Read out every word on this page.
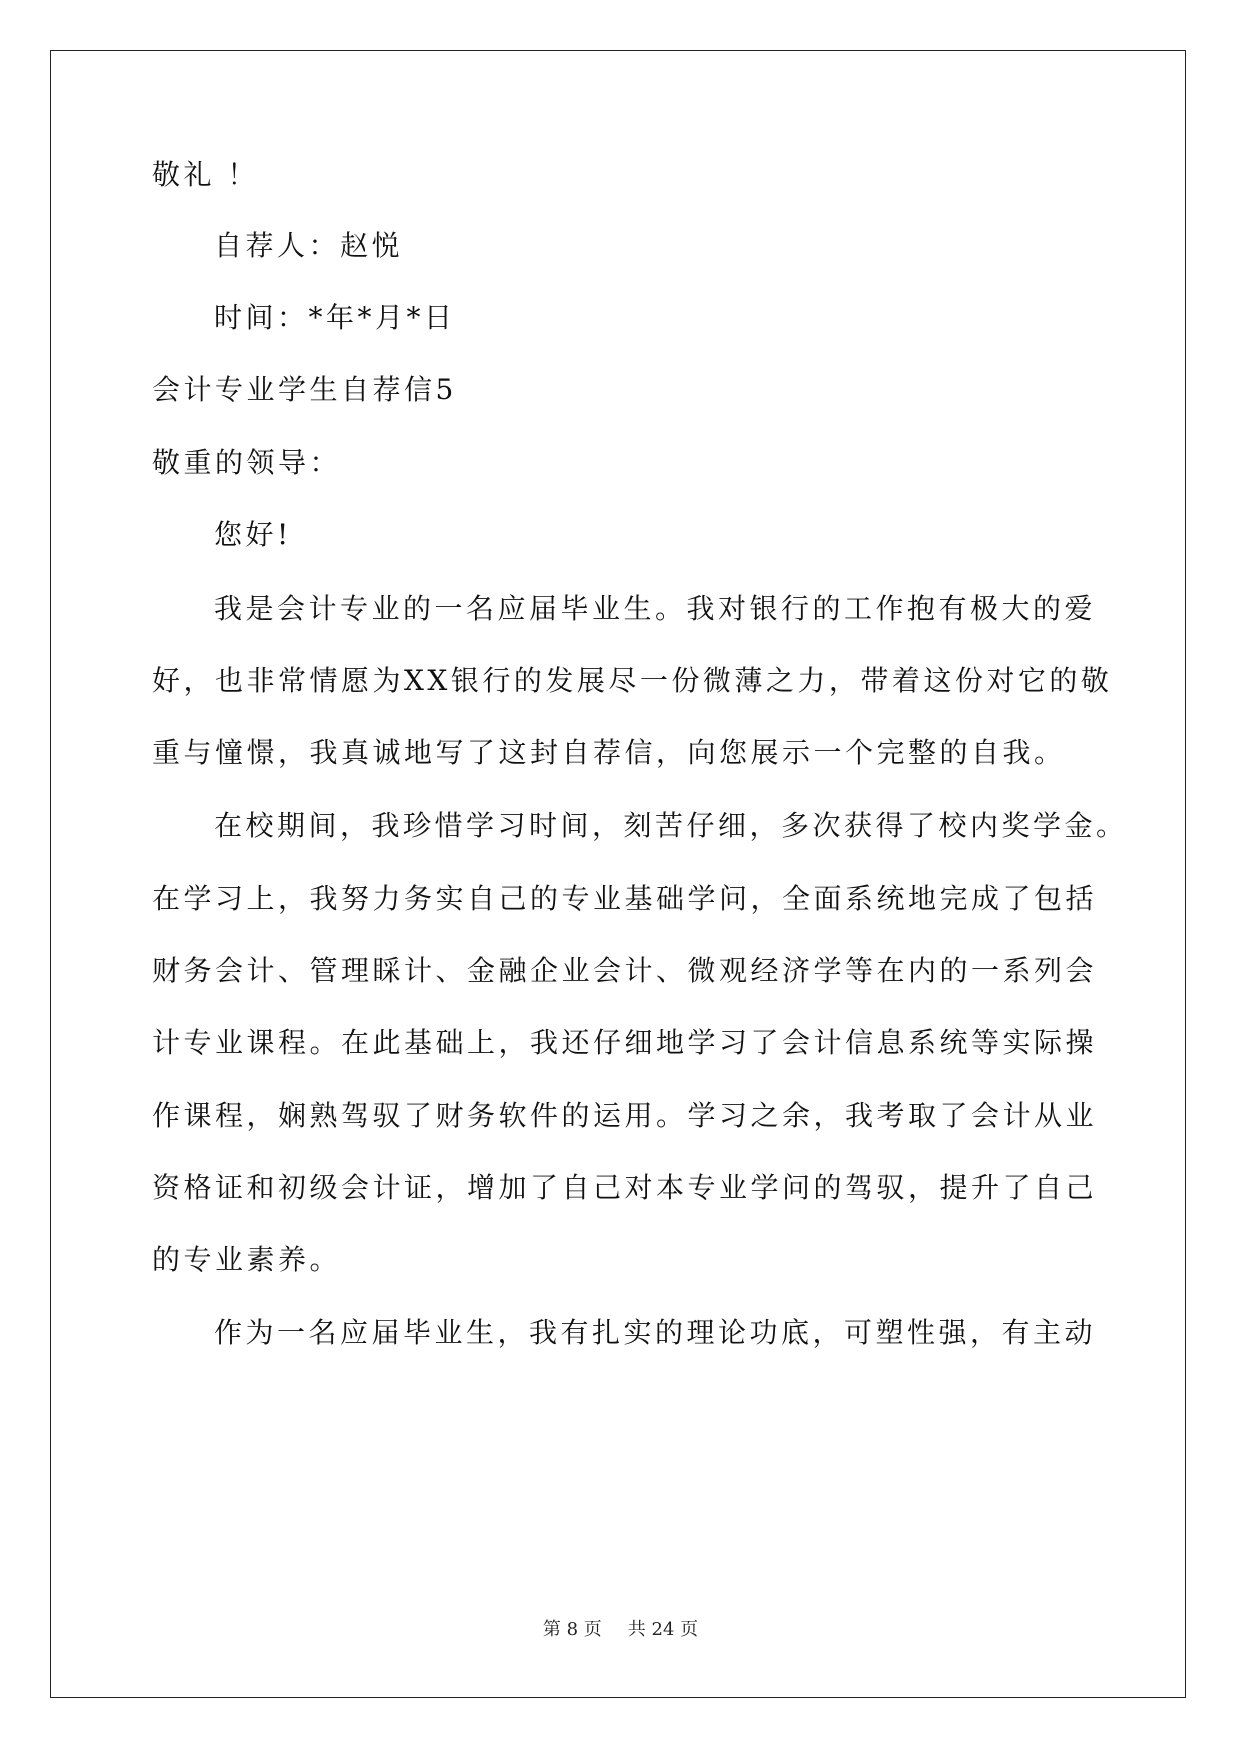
敬礼 ！
自荐人：赵悦
时间：*年*月*日
会计专业学生自荐信5
敬重的领导：
您好!
我是会计专业的一名应届毕业生。我对银行的工作抱有极大的爱
好，也非常情愿为XX银行的发展尽一份微薄之力，带着这份对它的敬
重与憧憬，我真诚地写了这封自荐信，向您展示一个完整的自我。
在校期间，我珍惜学习时间，刻苦仔细，多次获得了校内奖学金。
在学习上，我努力务实自己的专业基础学问，全面系统地完成了包括
财务会计、管理睬计、金融企业会计、微观经济学等在内的一系列会
计专业课程。在此基础上，我还仔细地学习了会计信息系统等实际操
作课程，娴熟驾驭了财务软件的运用。学习之余，我考取了会计从业
资格证和初级会计证，增加了自己对本专业学问的驾驭，提升了自己
的专业素养。
作为一名应届毕业生，我有扎实的理论功底，可塑性强，有主动
第 8 页 共 24 页
